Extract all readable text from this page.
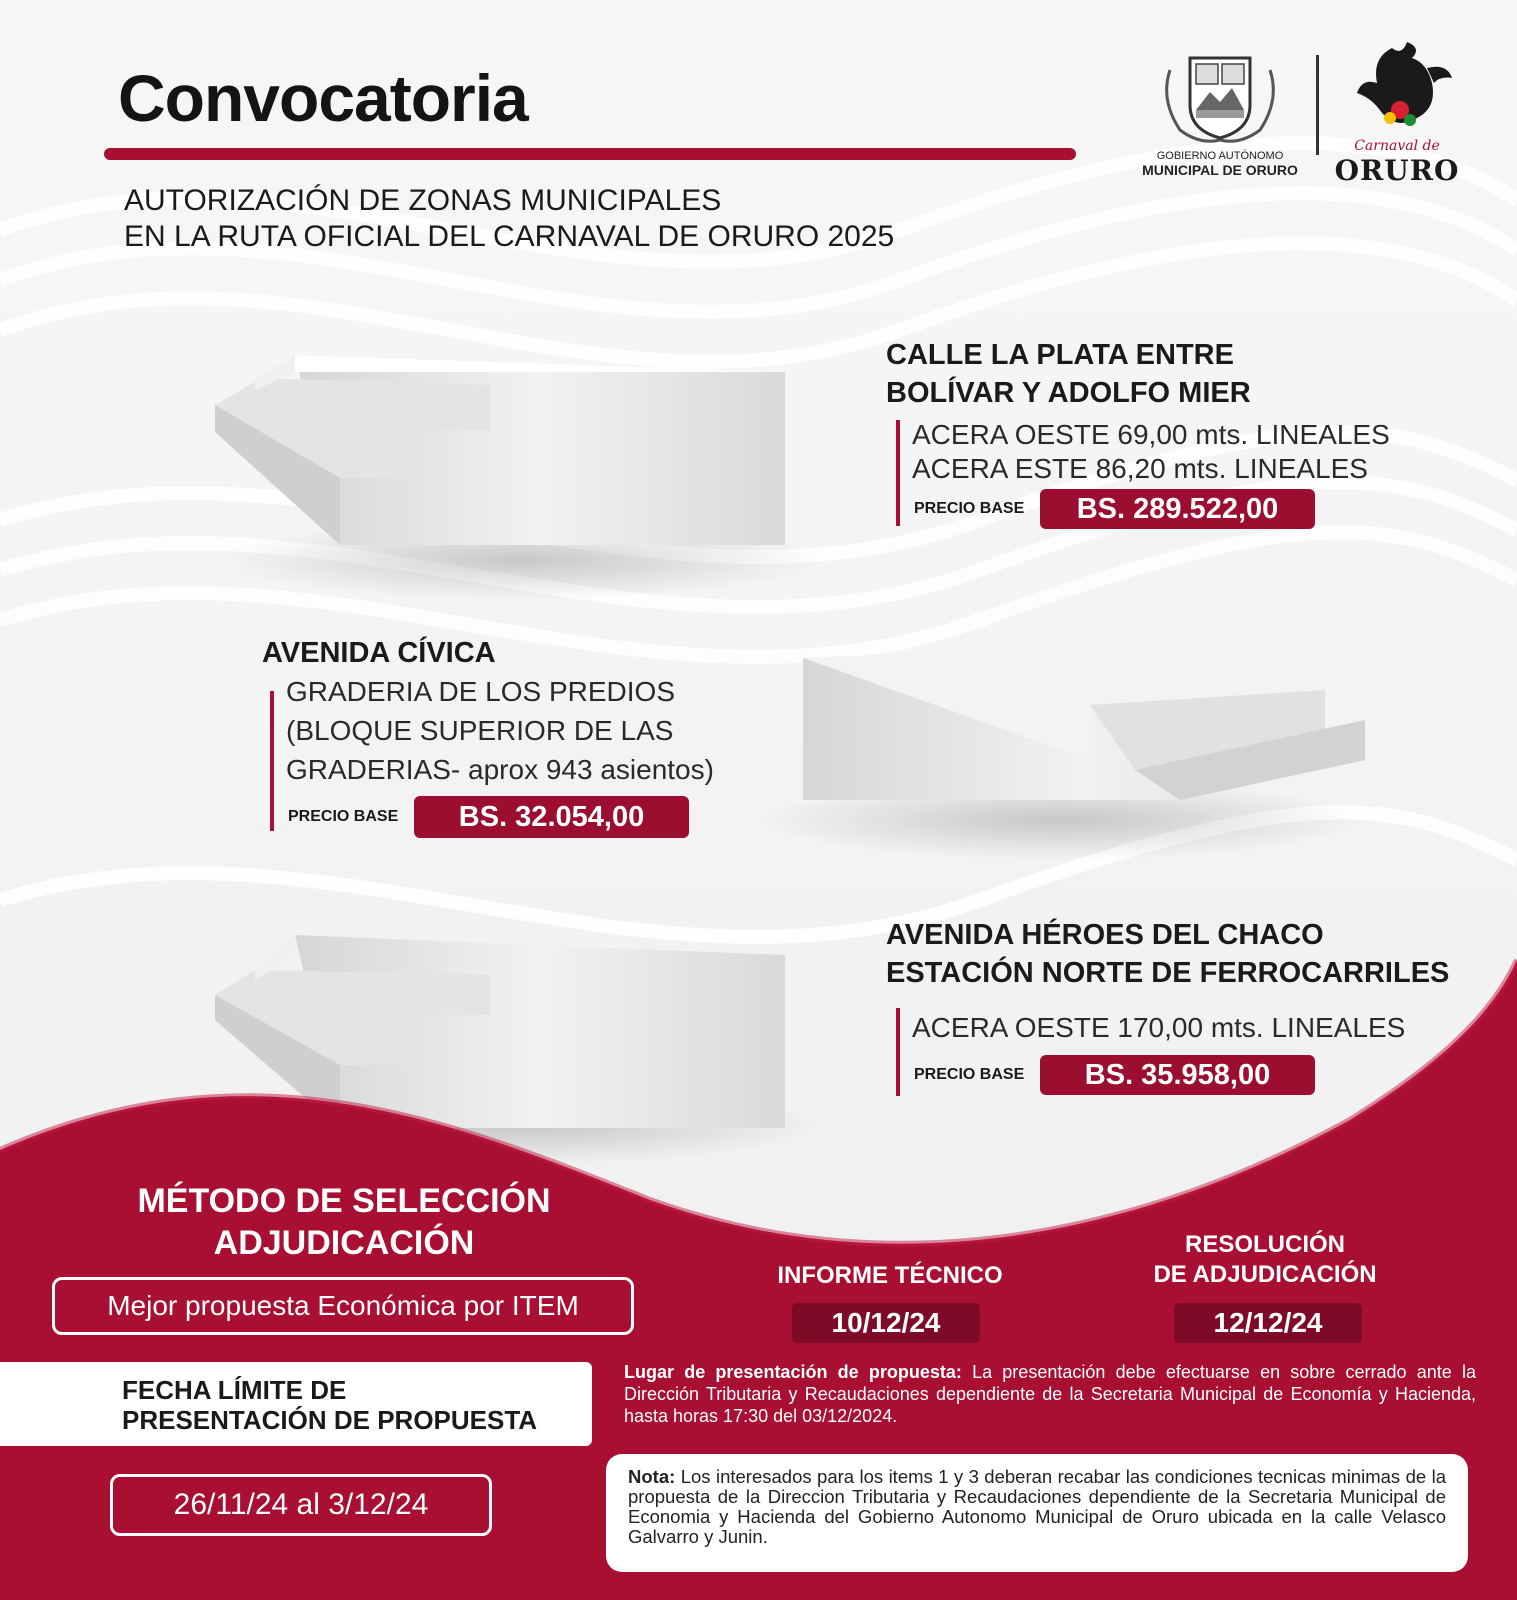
Convocatoria
AUTORIZACIÓN DE ZONAS MUNICIPALES
EN LA RUTA OFICIAL DEL CARNAVAL DE ORURO 2025
GOBIERNO AUTÓNOMO
MUNICIPAL DE ORURO
Carnaval de
ORURO
CALLE LA PLATA ENTRE
BOLÍVAR Y ADOLFO MIER
ACERA OESTE 69,00 mts. LINEALES
ACERA ESTE 86,20 mts. LINEALES
PRECIO BASE	BS. 289.522,00
AVENIDA CÍVICA
GRADERIA DE LOS PREDIOS
(BLOQUE SUPERIOR DE LAS
GRADERIAS- aprox 943 asientos)
PRECIO BASE	BS. 32.054,00
AVENIDA HÉROES DEL CHACO
ESTACIÓN NORTE DE FERROCARRILES
ACERA OESTE 170,00 mts. LINEALES
PRECIO BASE	BS. 35.958,00
MÉTODO DE SELECCIÓN
ADJUDICACIÓN
Mejor propuesta Económica por ITEM
INFORME TÉCNICO
10/12/24
RESOLUCIÓN
DE ADJUDICACIÓN
12/12/24
FECHA LÍMITE DE
PRESENTACIÓN DE PROPUESTA
26/11/24 al 3/12/24
Lugar de presentación de propuesta: La presentación debe efectuarse en sobre cerrado ante la Dirección Tributaria y Recaudaciones dependiente de la Secretaria Municipal de Economía y Hacienda, hasta horas 17:30 del 03/12/2024.
Nota: Los interesados para los items 1 y 3 deberan recabar las condiciones tecnicas minimas de la propuesta de la Direccion Tributaria y Recaudaciones dependiente de la Secretaria Municipal de Economia y Hacienda del Gobierno Autonomo Municipal de Oruro ubicada en la calle Velasco Galvarro y Junin.
